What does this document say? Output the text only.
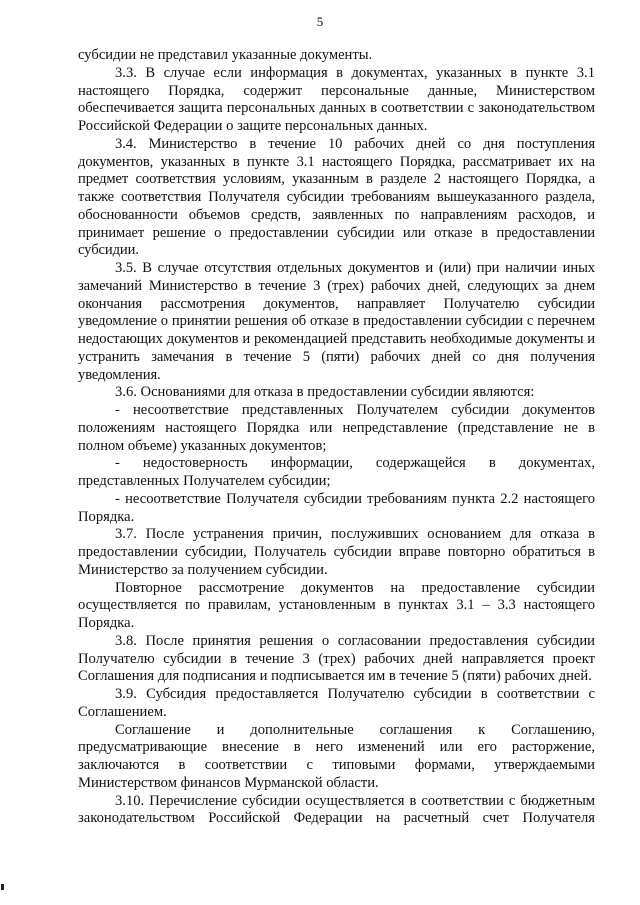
5

субсидии не представил указанные документы.

3.3. В случае если информация в документах, указанных в пункте 3.1 настоящего Порядка, содержит персональные данные, Министерством обеспечивается защита персональных данных в соответствии с законодательством Российской Федерации о защите персональных данных.

3.4. Министерство в течение 10 рабочих дней со дня поступления документов, указанных в пункте 3.1 настоящего Порядка, рассматривает их на предмет соответствия условиям, указанным в разделе 2 настоящего Порядка, а также соответствия Получателя субсидии требованиям вышеуказанного раздела, обоснованности объемов средств, заявленных по направлениям расходов, и принимает решение о предоставлении субсидии или отказе в предоставлении субсидии.

3.5. В случае отсутствия отдельных документов и (или) при наличии иных замечаний Министерство в течение 3 (трех) рабочих дней, следующих за днем окончания рассмотрения документов, направляет Получателю субсидии уведомление о принятии решения об отказе в предоставлении субсидии с перечнем недостающих документов и рекомендацией представить необходимые документы и устранить замечания в течение 5 (пяти) рабочих дней со дня получения уведомления.

3.6. Основаниями для отказа в предоставлении субсидии являются:

- несоответствие представленных Получателем субсидии документов положениям настоящего Порядка или непредставление (представление не в полном объеме) указанных документов;

- недостоверность информации, содержащейся в документах, представленных Получателем субсидии;

- несоответствие Получателя субсидии требованиям пункта 2.2 настоящего Порядка.

3.7. После устранения причин, послуживших основанием для отказа в предоставлении субсидии, Получатель субсидии вправе повторно обратиться в Министерство за получением субсидии.

Повторное рассмотрение документов на предоставление субсидии осуществляется по правилам, установленным в пунктах 3.1 – 3.3 настоящего Порядка.

3.8. После принятия решения о согласовании предоставления субсидии Получателю субсидии в течение 3 (трех) рабочих дней направляется проект Соглашения для подписания и подписывается им в течение 5 (пяти) рабочих дней.

3.9. Субсидия предоставляется Получателю субсидии в соответствии с Соглашением.

Соглашение и дополнительные соглашения к Соглашению, предусматривающие внесение в него изменений или его расторжение, заключаются в соответствии с типовыми формами, утверждаемыми Министерством финансов Мурманской области.

3.10. Перечисление субсидии осуществляется в соответствии с бюджетным законодательством Российской Федерации на расчетный счет Получателя
